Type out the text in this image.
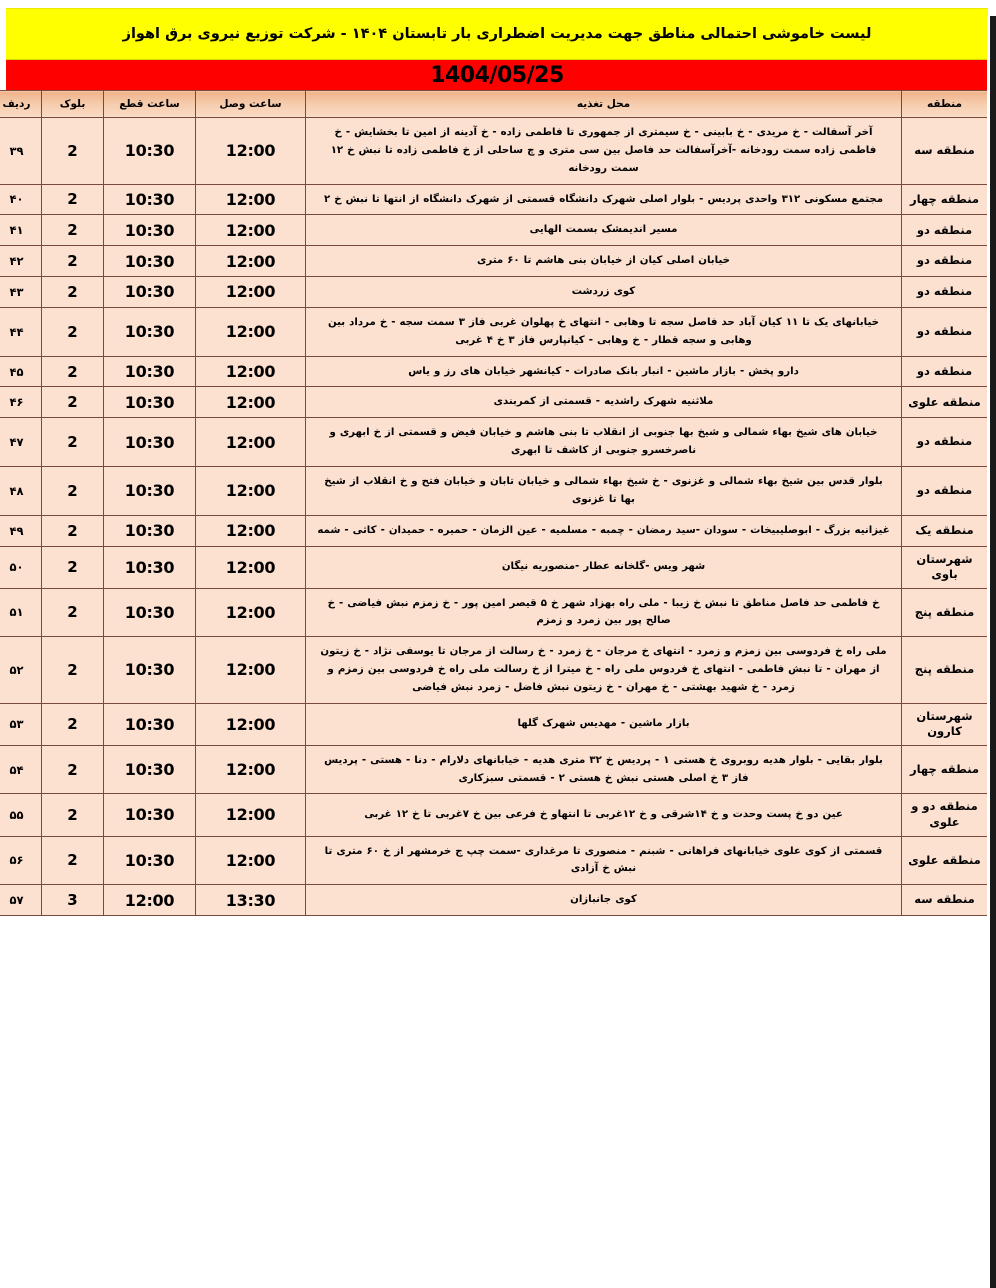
لیست خاموشی احتمالی مناطق جهت مدیریت اضطراری بار تابستان ۱۴۰۴ - شرکت توزیع نیروی برق اهواز
1404/05/25
منطقه	محل تغذیه	ساعت وصل	ساعت قطع	بلوک	ردیف
منطقه سه	آخر آسفالت - خ مریدی - خ بابینی - خ سیمتری از جمهوری تا فاطمی زاده - خ آدینه از امین تا بخشایش - خ فاطمی زاده سمت رودخانه -آخرآسفالت حد فاصل بین سی متری و چ ساحلی از خ فاطمی زاده تا نبش خ ۱۲ سمت رودخانه	12:00	10:30	2	۳۹
منطقه چهار	مجتمع مسکونی ۳۱۲ واحدی پردیس - بلوار اصلی شهرک دانشگاه قسمتی از شهرک دانشگاه از انتها تا نبش خ ۲	12:00	10:30	2	۴۰
منطقه دو	مسیر اندیمشک بسمت الهایی	12:00	10:30	2	۴۱
منطقه دو	خیابان اصلی کیان از خیابان بنی هاشم تا ۶۰ متری	12:00	10:30	2	۴۲
منطقه دو	کوی زردشت	12:00	10:30	2	۴۳
منطقه دو	خیابانهای یک تا ۱۱ کیان آباد حد فاصل سجه تا وهابی - انتهای خ پهلوان غربی فاز ۳ سمت سجه - خ مرداد بین وهابی و سجه قطار - خ وهابی - کیانپارس فاز ۳ خ ۴ غربی	12:00	10:30	2	۴۴
منطقه دو	دارو پخش - بازار ماشین - انبار بانک صادرات - کیانشهر خیابان های رز و یاس	12:00	10:30	2	۴۵
منطقه علوی	ملاثنیه شهرک راشدیه - قسمتی از کمربندی	12:00	10:30	2	۴۶
منطقه دو	خیابان های شیخ بهاء شمالی و شیخ بها جنوبی از انقلاب تا بنی هاشم و خیابان فیض و قسمتی از خ ابهری و ناصرخسرو جنوبی از کاشف تا ابهری	12:00	10:30	2	۴۷
منطقه دو	بلوار قدس بین شیخ بهاء شمالی و غزنوی - خ شیخ بهاء شمالی و خیابان تابان و خیابان فتح و خ انقلاب از شیخ بها تا غزنوی	12:00	10:30	2	۴۸
منطقه یک	غیزانیه بزرگ - ابوصلیبیخات - سودان -سید رمضان - چمبه - مسلمیه - عین الزمان - حمیره - حمیدان - کاثی - شمه	12:00	10:30	2	۴۹
شهرستان باوی	شهر ویس -گلخانه عطار -منصوریه نیگان	12:00	10:30	2	۵۰
منطقه پنج	خ فاطمی حد فاصل مناطق تا نبش خ زیبا - ملی راه بهزاد شهر خ ۵ قیصر امین پور - خ زمزم نبش فیاضی - خ صالح پور بین زمرد و زمزم	12:00	10:30	2	۵۱
منطقه پنج	ملی راه خ فردوسی بین زمزم و زمرد - انتهای خ مرجان - خ زمرد - خ رسالت از مرجان تا یوسفی نژاد - خ زیتون از مهران - تا نبش فاطمی - انتهای خ فردوس ملی راه - خ میترا از خ رسالت ملی راه خ فردوسی بین زمزم و زمرد - خ شهید بهشتی - خ مهران - خ زیتون نبش فاضل - زمرد نبش فیاضی	12:00	10:30	2	۵۲
شهرستان کارون	بازار ماشین - مهدیس شهرک گلها	12:00	10:30	2	۵۳
منطقه چهار	بلوار بقایی - بلوار هدیه روبروی خ هستی ۱ - پردیس خ ۳۲ متری هدیه - خیابانهای دلارام - دنا - هستی - پردیس فاز ۳ خ اصلی هستی نبش خ هستی ۲ - قسمتی سبزکاری	12:00	10:30	2	۵۴
منطقه دو و علوی	عین دو خ پست وحدت و خ ۱۴شرقی و خ ۱۲غربی تا انتهاو خ فرعی بین خ ۷غربی تا خ ۱۲ غربی	12:00	10:30	2	۵۵
منطقه علوی	قسمتی از کوی علوی خیابانهای فراهانی - شبنم - منصوری تا مرغداری -سمت چپ ج خرمشهر از خ ۶۰ متری تا نبش خ آزادی	12:00	10:30	2	۵۶
منطقه سه	کوی جانبازان	13:30	12:00	3	۵۷
